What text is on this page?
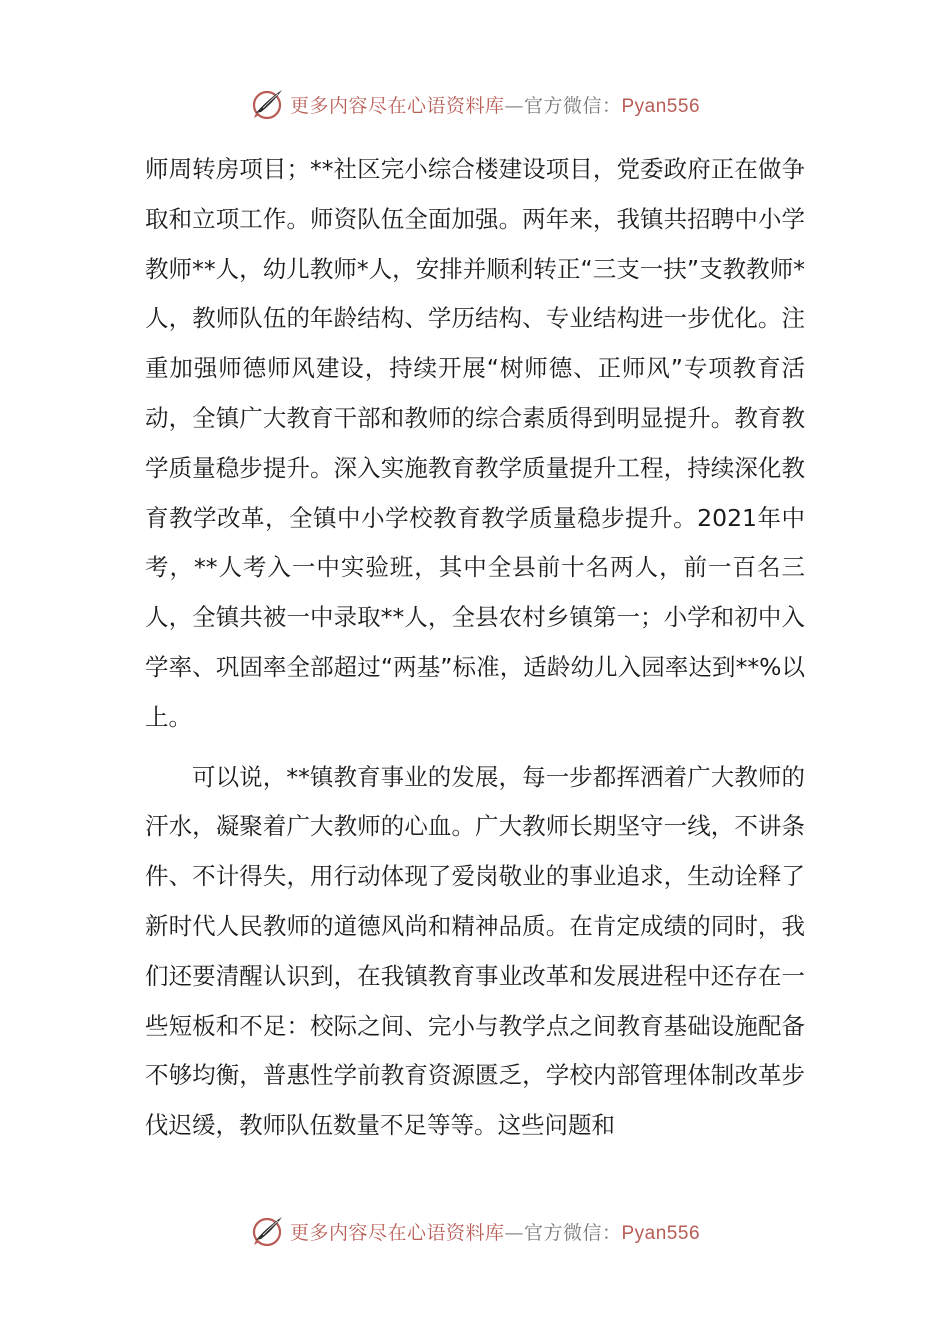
更多内容尽在心语资料库—官方微信：Pyan556

师周转房项目；**社区完小综合楼建设项目，党委政府正在做争取和立项工作。师资队伍全面加强。两年来，我镇共招聘中小学教师**人，幼儿教师*人，安排并顺利转正“三支一扶”支教教师*人，教师队伍的年龄结构、学历结构、专业结构进一步优化。注重加强师德师风建设，持续开展“树师德、正师风”专项教育活动，全镇广大教育干部和教师的综合素质得到明显提升。教育教学质量稳步提升。深入实施教育教学质量提升工程，持续深化教育教学改革，全镇中小学校教育教学质量稳步提升。2021年中考，**人考入一中实验班，其中全县前十名两人，前一百名三人，全镇共被一中录取**人，全县农村乡镇第一；小学和初中入学率、巩固率全部超过“两基”标准，适龄幼儿入园率达到**%以上。

可以说，**镇教育事业的发展，每一步都挥洒着广大教师的汗水，凝聚着广大教师的心血。广大教师长期坚守一线，不讲条件、不计得失，用行动体现了爱岗敬业的事业追求，生动诠释了新时代人民教师的道德风尚和精神品质。在肯定成绩的同时，我们还要清醒认识到，在我镇教育事业改革和发展进程中还存在一些短板和不足：校际之间、完小与教学点之间教育基础设施配备不够均衡，普惠性学前教育资源匮乏，学校内部管理体制改革步伐迟缓，教师队伍数量不足等等。这些问题和

更多内容尽在心语资料库—官方微信：Pyan556
